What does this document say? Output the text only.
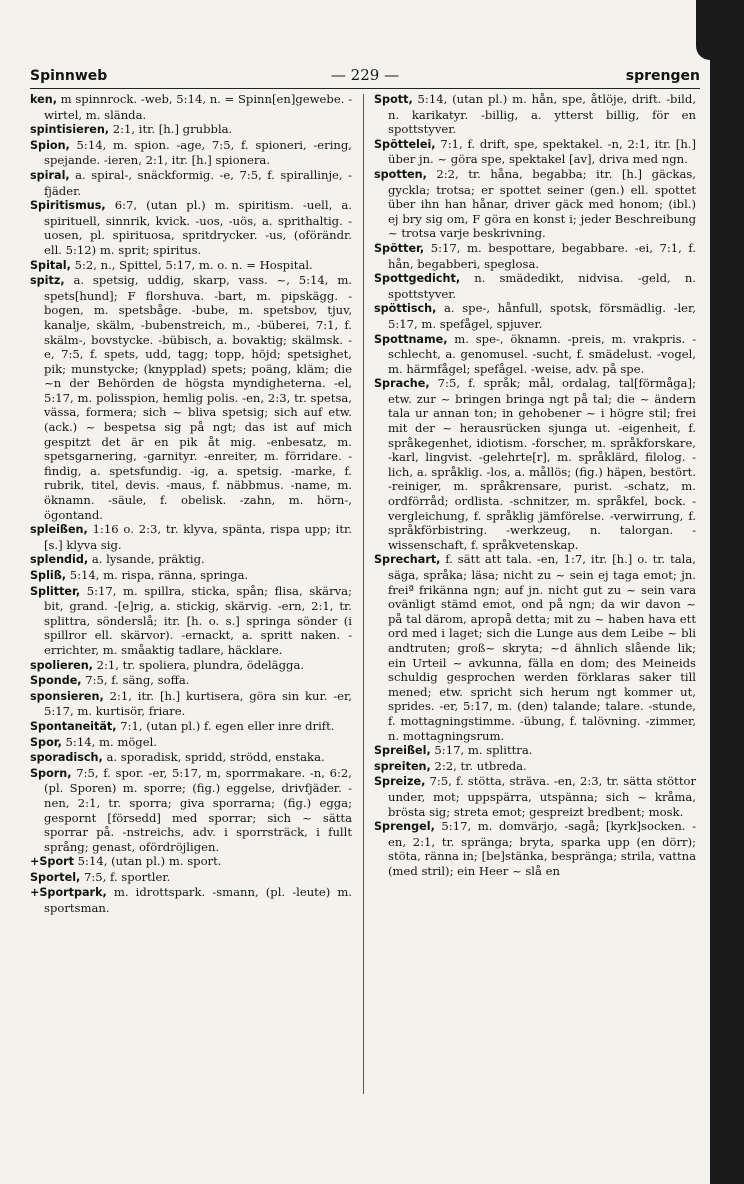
Spinnweb	— 229 —	sprengen

ken, m spinnrock. -web, 5:14, n. = Spinn[en]gewebe. -wirtel, m. slända.

spintisieren, 2:1, itr. [h.] grubbla.

Spion, 5:14, m. spion. -age, 7:5, f. spioneri, -ering, spejande. -ieren, 2:1, itr. [h.] spionera.

spiral, a. spiral-, snäckformig. -e, 7:5, f. spirallinje, -fjäder.

Spiritismus, 6:7, (utan pl.) m. spiritism. -uell, a. spirituell, sinnrik, kvick. -uos, -uös, a. sprithaltig. -uosen, pl. spirituosa, spritdrycker. -us, (oförändr. ell. 5:12) m. sprit; spiritus.

Spital, 5:2, n., Spittel, 5:17, m. o. n. = Hospital.

spitz, a. spetsig, uddig, skarp, vass. ~, 5:14, m. spets[hund]; F florshuva. -bart, m. pipskägg. -bogen, m. spetsbåge. -bube, m. spetsbov, tjuv, kanalje, skälm, -bubenstreich, m., -büberei, 7:1, f. skälm-, bovstycke. -bübisch, a. bovaktig; skälmsk. -e, 7:5, f. spets, udd, tagg; topp, höjd; spetsighet, pik; munstycke; (knypplad) spets; poäng, kläm; die ~n der Behörden de högsta myndigheterna. -el, 5:17, m. polisspion, hemlig polis. -en, 2:3, tr. spetsa, vässa, formera; sich ~ bliva spetsig; sich auf etw. (ack.) ~ bespetsa sig på ngt; das ist auf mich gespitzt det är en pik åt mig. -enbesatz, m. spetsgarnering, -garnityr. -enreiter, m. förridare. -findig, a. spetsfundig. -ig, a. spetsig. -marke, f. rubrik, titel, devis. -maus, f. näbbmus. -name, m. öknamn. -säule, f. obelisk. -zahn, m. hörn-, ögontand.

spleißen, 1:16 o. 2:3, tr. klyva, spänta, rispa upp; itr. [s.] klyva sig.

splendid, a. lysande, präktig.

Spliß, 5:14, m. rispa, ränna, springa.

Splitter, 5:17, m. spillra, sticka, spån; flisa, skärva; bit, grand. -[e]rig, a. stickig, skärvig. -ern, 2:1, tr. splittra, sönderslå; itr. [h. o. s.] springa sönder (i spillror ell. skärvor). -ernackt, a. spritt naken. -errichter, m. småaktig tadlare, häcklare.

spolieren, 2:1, tr. spoliera, plundra, ödelägga.

Sponde, 7:5, f. säng, soffa.

sponsieren, 2:1, itr. [h.] kurtisera, göra sin kur. -er, 5:17, m. kurtisör, friare.

Spontaneität, 7:1, (utan pl.) f. egen eller inre drift.

Spor, 5:14, m. mögel.

sporadisch, a. sporadisk, spridd, strödd, enstaka.

Sporn, 7:5, f. spor. -er, 5:17, m, sporrmakare. -n, 6:2, (pl. Sporen) m. sporre; (fig.) eggelse, drivfjäder. -nen, 2:1, tr. sporra; giva sporrarna; (fig.) egga; gespornt [försedd] med sporrar; sich ~ sätta sporrar på. -nstreichs, adv. i sporrsträck, i fullt språng; genast, ofördröjligen.

+Sport 5:14, (utan pl.) m. sport.

Sportel, 7:5, f. sportler.

+Sportpark, m. idrottspark. -smann, (pl. -leute) m. sportsman.

Spott, 5:14, (utan pl.) m. hån, spe, åtlöje, drift. -bild, n. karikatyr. -billig, a. ytterst billig, för en spottstyver.

Spöttelei, 7:1, f. drift, spe, spektakel. -n, 2:1, itr. [h.] über jn. ~ göra spe, spektakel [av], driva med ngn.

spotten, 2:2, tr. håna, begabba; itr. [h.] gäckas, gyckla; trotsa; er spottet seiner (gen.) ell. spottet über ihn han hånar, driver gäck med honom; (ibl.) ej bry sig om, F göra en konst i; jeder Beschreibung ~ trotsa varje beskrivning.

Spötter, 5:17, m. bespottare, begabbare. -ei, 7:1, f. hån, begabberi, speglosa.

Spottgedicht, n. smädedikt, nidvisa. -geld, n. spottstyver.

spöttisch, a. spe-, hånfull, spotsk, försmädlig. -ler, 5:17, m. spefågel, spjuver.

Spottname, m. spe-, öknamn. -preis, m. vrakpris. -schlecht, a. genomusel. -sucht, f. smädelust. -vogel, m. härmfågel; spefågel. -weise, adv. på spe.

Sprache, 7:5, f. språk; mål, ordalag, tal[förmåga]; etw. zur ~ bringen bringa ngt på tal; die ~ ändern tala ur annan ton; in gehobener ~ i högre stil; frei mit der ~ herausrücken sjunga ut. -eigenheit, f. språkegenhet, idiotism. -forscher, m. språkforskare, -karl, lingvist. -gelehrte[r], m. språklärd, filolog. -lich, a. språklig. -los, a. mållös; (fig.) häpen, bestört. -reiniger, m. språkrensare, purist. -schatz, m. ordförråd; ordlista. -schnitzer, m. språkfel, bock. -vergleichung, f. språklig jämförelse. -verwirrung, f. språkförbistring. -werkzeug, n. talorgan. -wissenschaft, f. språkvetenskap.

Sprechart, f. sätt att tala. -en, 1:7, itr. [h.] o. tr. tala, säga, språka; läsa; nicht zu ~ sein ej taga emot; jn. freiª frikänna ngn; auf jn. nicht gut zu ~ sein vara ovänligt stämd emot, ond på ngn; da wir davon ~ på tal därom, apropå detta; mit zu ~ haben hava ett ord med i laget; sich die Lunge aus dem Leibe ~ bli andtruten; groß~ skryta; ~d ähnlich slående lik; ein Urteil ~ avkunna, fälla en dom; des Meineids schuldig gesprochen werden förklaras saker till mened; etw. spricht sich herum ngt kommer ut, sprides. -er, 5:17, m. (den) talande; talare. -stunde, f. mottagningstimme. -übung, f. talövning. -zimmer, n. mottagningsrum.

Spreißel, 5:17, m. splittra.

spreiten, 2:2, tr. utbreda.

Spreize, 7:5, f. stötta, sträva. -en, 2:3, tr. sätta stöttor under, mot; uppspärra, utspänna; sich ~ kråma, brösta sig; streta emot; gespreizt bredbent; mosk.

Sprengel, 5:17, m. domvärjo, -sagå; [kyrk]socken. -en, 2:1, tr. spränga; bryta, sparka upp (en dörr); stöta, ränna in; [be]stänka, bespränga; strila, vattna (med stril); ein Heer ~ slå en
